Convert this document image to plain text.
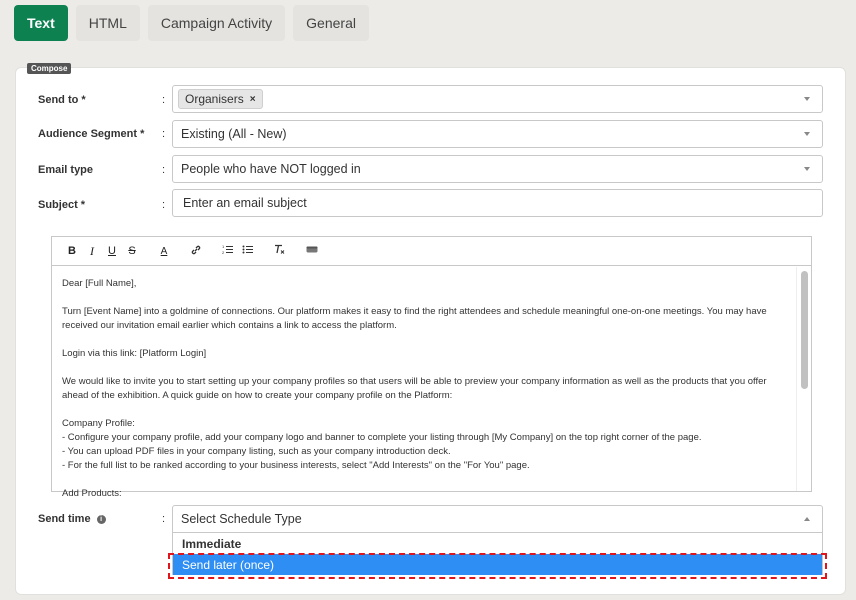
Text	HTML	Campaign Activity	General
Compose
Send to *	: Organisers ×
Audience Segment * : Existing (All - New)
Email type	: People who have NOT logged in
Subject *	: Enter an email subject
B	I	U	S	A	1
2

Dear [Full Name],

Turn [Event Name] into a goldmine of connections. Our platform makes it easy to find the right attendees and schedule meaningful one-on-one meetings. You may have received our invitation email earlier which contains a link to access the platform.

Login via this link: [Platform Login]

We would like to invite you to start setting up your company profiles so that users will be able to preview your company information as well as the products that you offer ahead of the exhibition. A quick guide on how to create your company profile on the Platform:

Company Profile:

- Configure your company profile, add your company logo and banner to complete your listing through [My Company] on the top right corner of the page.

- You can upload PDF files in your company listing, such as your company introduction deck.

- For the full list to be ranked according to your business interests, select "Add Interests" on the "For You" page.

Add Products:

Send time i	: Select Schedule Type
Immediate
Send later (once)
